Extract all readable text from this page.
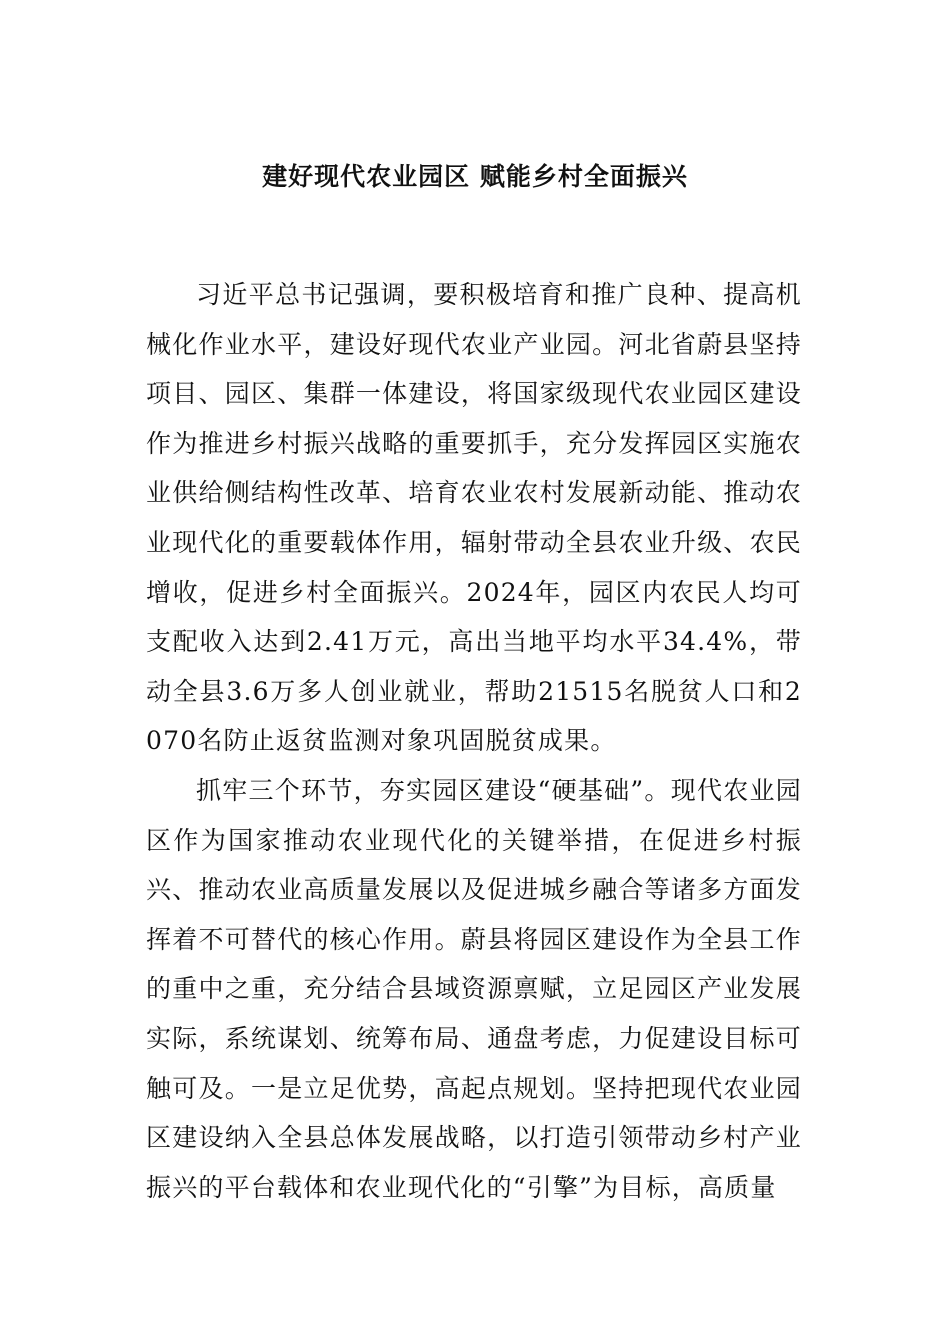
建好现代农业园区 赋能乡村全面振兴

习近平总书记强调，要积极培育和推广良种、提高机械化作业水平，建设好现代农业产业园。河北省蔚县坚持项目、园区、集群一体建设，将国家级现代农业园区建设作为推进乡村振兴战略的重要抓手，充分发挥园区实施农业供给侧结构性改革、培育农业农村发展新动能、推动农业现代化的重要载体作用，辐射带动全县农业升级、农民增收，促进乡村全面振兴。2024年，园区内农民人均可支配收入达到2.41万元，高出当地平均水平34.4%，带动全县3.6万多人创业就业，帮助21515名脱贫人口和2070名防止返贫监测对象巩固脱贫成果。

抓牢三个环节，夯实园区建设“硬基础”。现代农业园区作为国家推动农业现代化的关键举措，在促进乡村振兴、推动农业高质量发展以及促进城乡融合等诸多方面发挥着不可替代的核心作用。蔚县将园区建设作为全县工作的重中之重，充分结合县域资源禀赋，立足园区产业发展实际，系统谋划、统筹布局、通盘考虑，力促建设目标可触可及。一是立足优势，高起点规划。坚持把现代农业园区建设纳入全县总体发展战略，以打造引领带动乡村产业振兴的平台载体和农业现代化的“引擎”为目标，高质量
